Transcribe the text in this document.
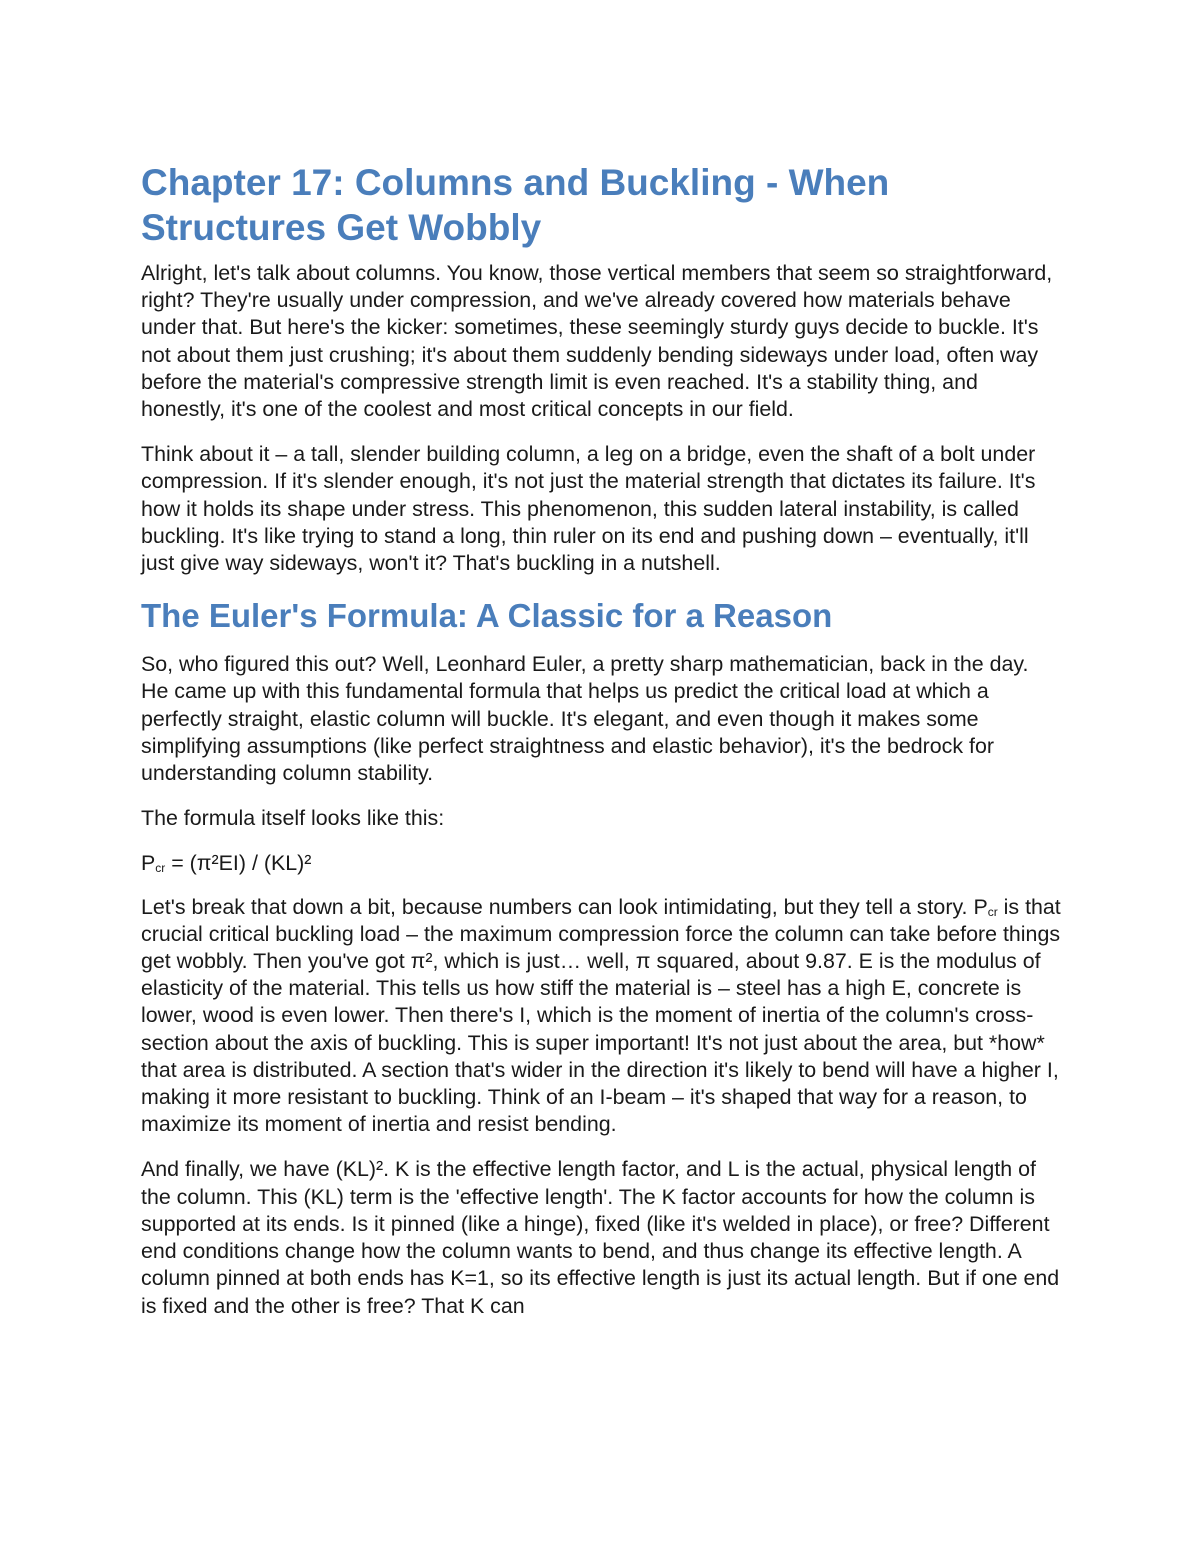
Chapter 17: Columns and Buckling - When Structures Get Wobbly

Alright, let's talk about columns. You know, those vertical members that seem so straightforward, right? They're usually under compression, and we've already covered how materials behave under that. But here's the kicker: sometimes, these seemingly sturdy guys decide to buckle. It's not about them just crushing; it's about them suddenly bending sideways under load, often way before the material's compressive strength limit is even reached. It's a stability thing, and honestly, it's one of the coolest and most critical concepts in our field.

Think about it – a tall, slender building column, a leg on a bridge, even the shaft of a bolt under compression. If it's slender enough, it's not just the material strength that dictates its failure. It's how it holds its shape under stress. This phenomenon, this sudden lateral instability, is called buckling. It's like trying to stand a long, thin ruler on its end and pushing down – eventually, it'll just give way sideways, won't it? That's buckling in a nutshell.

The Euler's Formula: A Classic for a Reason

So, who figured this out? Well, Leonhard Euler, a pretty sharp mathematician, back in the day. He came up with this fundamental formula that helps us predict the critical load at which a perfectly straight, elastic column will buckle. It's elegant, and even though it makes some simplifying assumptions (like perfect straightness and elastic behavior), it's the bedrock for understanding column stability.

The formula itself looks like this:

$P_{cr} = (\pi^2EI) / (KL)^2$

Let's break that down a bit, because numbers can look intimidating, but they tell a story. $P_{cr}$ is that crucial critical buckling load – the maximum compression force the column can take before things get wobbly. Then you've got π², which is just… well, π squared, about 9.87. E is the modulus of elasticity of the material. This tells us how stiff the material is – steel has a high E, concrete is lower, wood is even lower. Then there's I, which is the moment of inertia of the column's cross-section about the axis of buckling. This is super important! It's not just about the area, but *how* that area is distributed. A section that's wider in the direction it's likely to bend will have a higher I, making it more resistant to buckling. Think of an I-beam – it's shaped that way for a reason, to maximize its moment of inertia and resist bending.

And finally, we have (KL)². K is the effective length factor, and L is the actual, physical length of the column. This (KL) term is the 'effective length'. The K factor accounts for how the column is supported at its ends. Is it pinned (like a hinge), fixed (like it's welded in place), or free? Different end conditions change how the column wants to bend, and thus change its effective length. A column pinned at both ends has K=1, so its effective length is just its actual length. But if one end is fixed and the other is free? That K can
